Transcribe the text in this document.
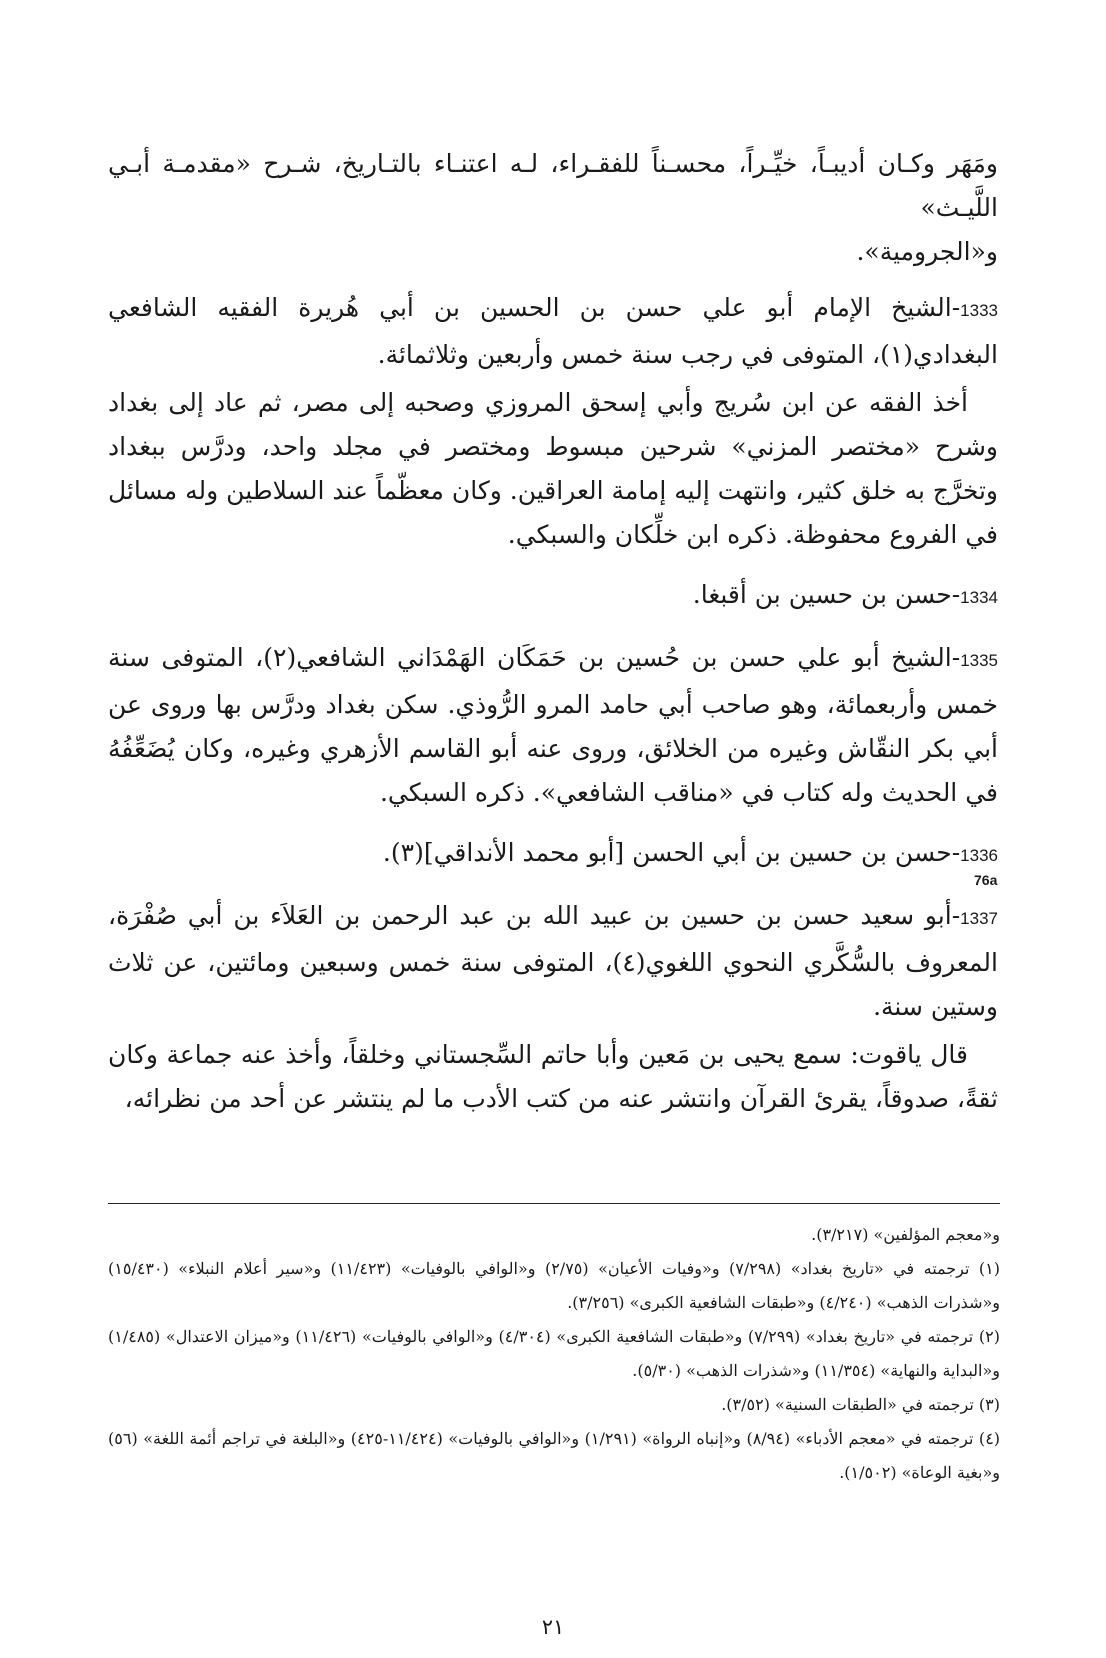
ومَهَر وكـان أديبـاً، خيِّـراً، محسـناً للفقـراء، لـه اعتنـاء بالتـاريخ، شـرح «مقدمـة أبـي اللَّيـث»
و«الجرومية».

1333-الشيخ الإمام أبو علي حسن بن الحسين بن أبي هُريرة الفقيه الشافعي البغدادي(١)، المتوفى في رجب سنة خمس وأربعين وثلاثمائة.

أخذ الفقه عن ابن سُريج وأبي إسحق المروزي وصحبه إلى مصر، ثم عاد إلى بغداد وشرح «مختصر المزني» شرحين مبسوط ومختصر في مجلد واحد، ودرَّس ببغداد وتخرَّج به خلق كثير، وانتهت إليه إمامة العراقين. وكان معظّماً عند السلاطين وله مسائل في الفروع محفوظة. ذكره ابن خلِّكان والسبكي.

1334-حسن بن حسين بن أقبغا.

1335-الشيخ أبو علي حسن بن حُسين بن حَمَكَان الهَمْدَاني الشافعي(٢)، المتوفى سنة خمس وأربعمائة، وهو صاحب أبي حامد المرو الرُّوذي. سكن بغداد ودرَّس بها وروى عن أبي بكر النقّاش وغيره من الخلائق، وروى عنه أبو القاسم الأزهري وغيره، وكان يُضَعِّفُهُ في الحديث وله كتاب في «مناقب الشافعي». ذكره السبكي.

1336-حسن بن حسين بن أبي الحسن [أبو محمد الأنداقي](٣).

1337-أبو سعيد حسن بن حسين بن عبيد الله بن عبد الرحمن بن العَلاَء بن أبي صُفْرَة، المعروف بالسُّكَّري النحوي اللغوي(٤)، المتوفى سنة خمس وسبعين ومائتين، عن ثلاث وستين سنة.

قال ياقوت: سمع يحيى بن مَعين وأبا حاتم السِّجستاني وخلقاً، وأخذ عنه جماعة وكان ثقةً، صدوقاً، يقرئ القرآن وانتشر عنه من كتب الأدب ما لم ينتشر عن أحد من نظرائه،

76a

و«معجم المؤلفين» (٣/٢١٧).

(١) ترجمته في «تاريخ بغداد» (٧/٢٩٨) و«وفيات الأعيان» (٢/٧٥) و«الوافي بالوفيات» (١١/٤٢٣) و«سير أعلام النبلاء» (١٥/٤٣٠) و«شذرات الذهب» (٤/٢٤٠) و«طبقات الشافعية الكبرى» (٣/٢٥٦).

(٢) ترجمته في «تاريخ بغداد» (٧/٢٩٩) و«طبقات الشافعية الكبرى» (٤/٣٠٤) و«الوافي بالوفيات» (١١/٤٢٦) و«ميزان الاعتدال» (١/٤٨٥) و«البداية والنهاية» (١١/٣٥٤) و«شذرات الذهب» (٥/٣٠).

(٣) ترجمته في «الطبقات السنية» (٣/٥٢).

(٤) ترجمته في «معجم الأدباء» (٨/٩٤) و«إنباه الرواة» (١/٢٩١) و«الوافي بالوفيات» (١١/٤٢٤-٤٢٥) و«البلغة في تراجم أئمة اللغة» (٥٦) و«بغية الوعاة» (١/٥٠٢).

٢١
